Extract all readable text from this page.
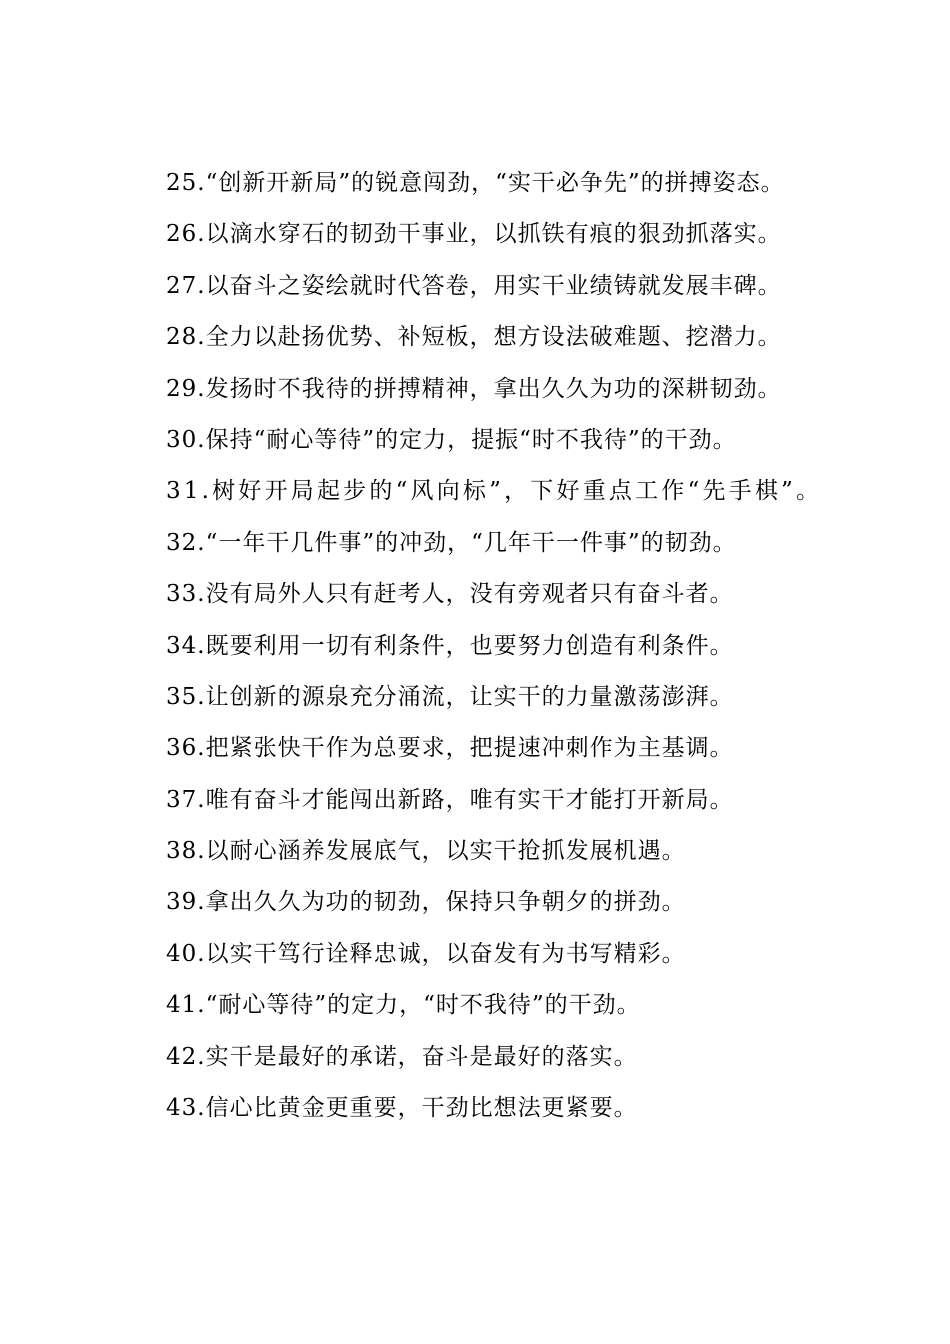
25.“创新开新局”的锐意闯劲，“实干必争先”的拼搏姿态。

26.以滴水穿石的韧劲干事业，以抓铁有痕的狠劲抓落实。

27.以奋斗之姿绘就时代答卷，用实干业绩铸就发展丰碑。

28.全力以赴扬优势、补短板，想方设法破难题、挖潜力。

29.发扬时不我待的拼搏精神，拿出久久为功的深耕韧劲。

30.保持“耐心等待”的定力，提振“时不我待”的干劲。

31.树好开局起步的“风向标”，下好重点工作“先手棋”。

32.“一年干几件事”的冲劲，“几年干一件事”的韧劲。

33.没有局外人只有赶考人，没有旁观者只有奋斗者。

34.既要利用一切有利条件，也要努力创造有利条件。

35.让创新的源泉充分涌流，让实干的力量激荡澎湃。

36.把紧张快干作为总要求，把提速冲刺作为主基调。

37.唯有奋斗才能闯出新路，唯有实干才能打开新局。

38.以耐心涵养发展底气，以实干抢抓发展机遇。

39.拿出久久为功的韧劲，保持只争朝夕的拼劲。

40.以实干笃行诠释忠诚，以奋发有为书写精彩。

41.“耐心等待”的定力，“时不我待”的干劲。

42.实干是最好的承诺，奋斗是最好的落实。

43.信心比黄金更重要，干劲比想法更紧要。
